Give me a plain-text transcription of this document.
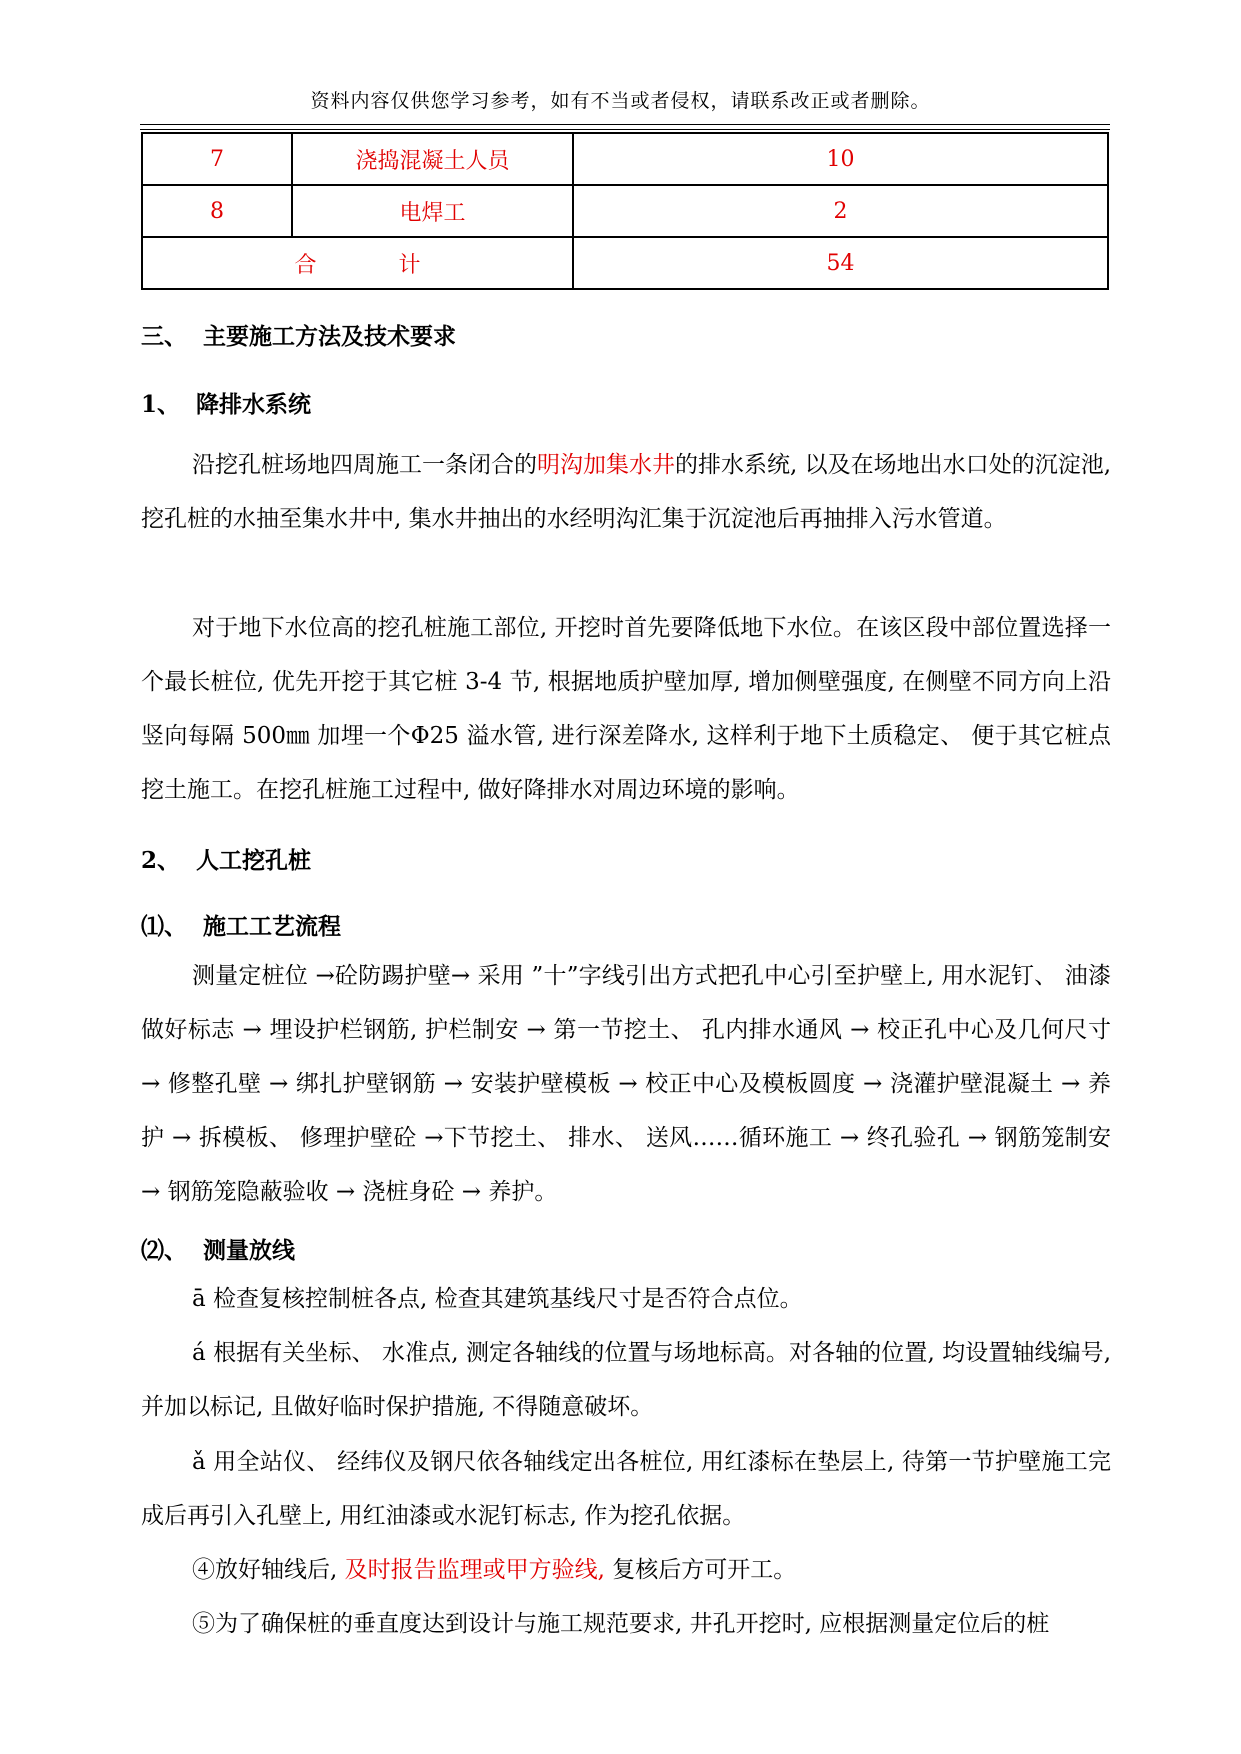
资料内容仅供您学习参考，如有不当或者侵权，请联系改正或者删除。
7	浇捣混凝土人员	10
8	电焊工	2
合 计		54
三、  主要施工方法及技术要求
1、  降排水系统
沿挖孔桩场地四周施工一条闭合的明沟加集水井的排水系统, 以及在场地出水口处的沉淀池, 挖孔桩的水抽至集水井中, 集水井抽出的水经明沟汇集于沉淀池后再抽排入污水管道。
对于地下水位高的挖孔桩施工部位, 开挖时首先要降低地下水位。在该区段中部位置选择一个最长桩位, 优先开挖于其它桩 3-4 节, 根据地质护壁加厚, 增加侧壁强度, 在侧壁不同方向上沿竖向每隔 500㎜ 加埋一个Φ25 溢水管, 进行深差降水, 这样利于地下土质稳定、 便于其它桩点挖土施工。在挖孔桩施工过程中, 做好降排水对周边环境的影响。
2、  人工挖孔桩
⑴、  施工工艺流程
测量定桩位 →砼防踢护壁→ 采用 ”十”字线引出方式把孔中心引至护壁上, 用水泥钉、 油漆做好标志 → 埋设护栏钢筋, 护栏制安 → 第一节挖土、 孔内排水通风 → 校正孔中心及几何尺寸 → 修整孔壁 → 绑扎护壁钢筋 → 安装护壁模板 → 校正中心及模板圆度 → 浇灌护壁混凝土 → 养护 → 拆模板、 修理护壁砼 →下节挖土、 排水、 送风……循环施工 → 终孔验孔 → 钢筋笼制安 → 钢筋笼隐蔽验收 → 浇桩身砼 → 养护。
⑵、  测量放线
ā 检查复核控制桩各点, 检查其建筑基线尺寸是否符合点位。
á 根据有关坐标、 水准点, 测定各轴线的位置与场地标高。对各轴的位置, 均设置轴线编号, 并加以标记, 且做好临时保护措施, 不得随意破坏。
ǎ 用全站仪、 经纬仪及钢尺依各轴线定出各桩位, 用红漆标在垫层上, 待第一节护壁施工完成后再引入孔壁上, 用红油漆或水泥钉标志, 作为挖孔依据。
④放好轴线后, 及时报告监理或甲方验线, 复核后方可开工。
⑤为了确保桩的垂直度达到设计与施工规范要求, 井孔开挖时, 应根据测量定位后的桩
